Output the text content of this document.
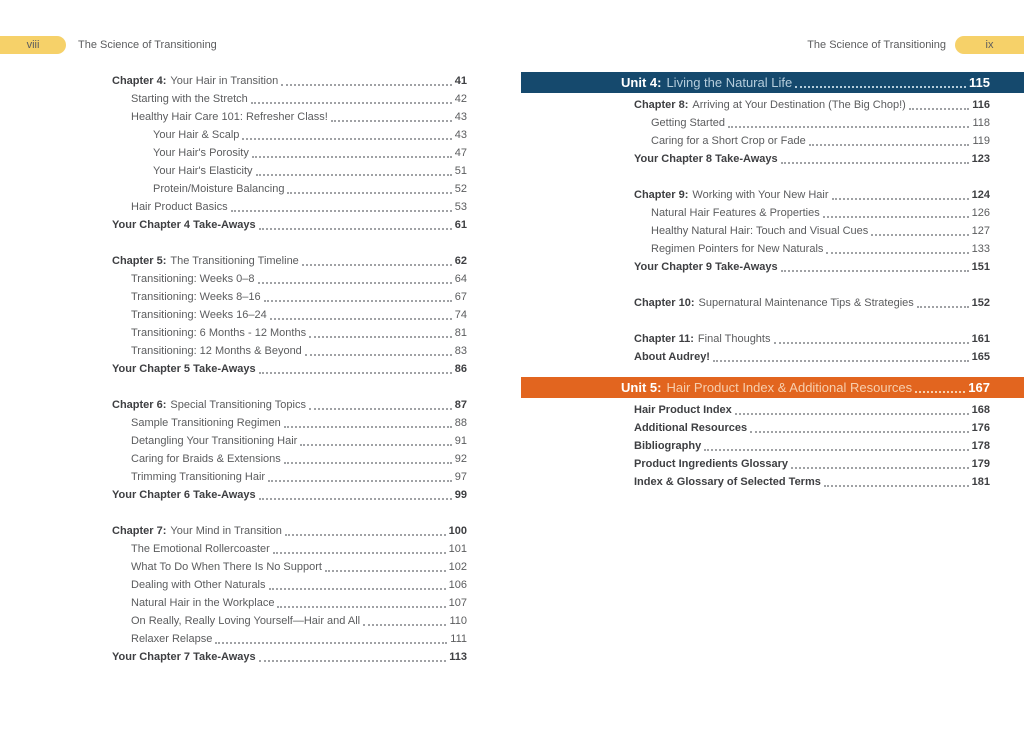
viii	The Science of Transitioning	The Science of Transitioning	ix
Chapter 4: Your Hair in Transition	41
Starting with the Stretch	42
Healthy Hair Care 101: Refresher Class!	43
Your Hair & Scalp	43
Your Hair's Porosity	47
Your Hair's Elasticity	51
Protein/Moisture Balancing	52
Hair Product Basics	53
Your Chapter 4 Take-Aways	61
Chapter 5: The Transitioning Timeline	62
Transitioning: Weeks 0–8	64
Transitioning: Weeks 8–16	67
Transitioning: Weeks 16–24	74
Transitioning: 6 Months - 12 Months	81
Transitioning: 12 Months & Beyond	83
Your Chapter 5 Take-Aways	86
Chapter 6: Special Transitioning Topics	87
Sample Transitioning Regimen	88
Detangling Your Transitioning Hair	91
Caring for Braids & Extensions	92
Trimming Transitioning Hair	97
Your Chapter 6 Take-Aways	99
Chapter 7: Your Mind in Transition	100
The Emotional Rollercoaster	101
What To Do When There Is No Support	102
Dealing with Other Naturals	106
Natural Hair in the Workplace	107
On Really, Really Loving Yourself—Hair and All	110
Relaxer Relapse	111
Your Chapter 7 Take-Aways	113
Unit 4: Living the Natural Life	115
Chapter 8: Arriving at Your Destination (The Big Chop!)	116
Getting Started	118
Caring for a Short Crop or Fade	119
Your Chapter 8 Take-Aways	123
Chapter 9: Working with Your New Hair	124
Natural Hair Features & Properties	126
Healthy Natural Hair: Touch and Visual Cues	127
Regimen Pointers for New Naturals	133
Your Chapter 9 Take-Aways	151
Chapter 10: Supernatural Maintenance Tips & Strategies	152
Chapter 11: Final Thoughts	161
About Audrey!	165
Unit 5: Hair Product Index & Additional Resources	167
Hair Product Index	168
Additional Resources	176
Bibliography	178
Product Ingredients Glossary	179
Index & Glossary of Selected Terms	181
